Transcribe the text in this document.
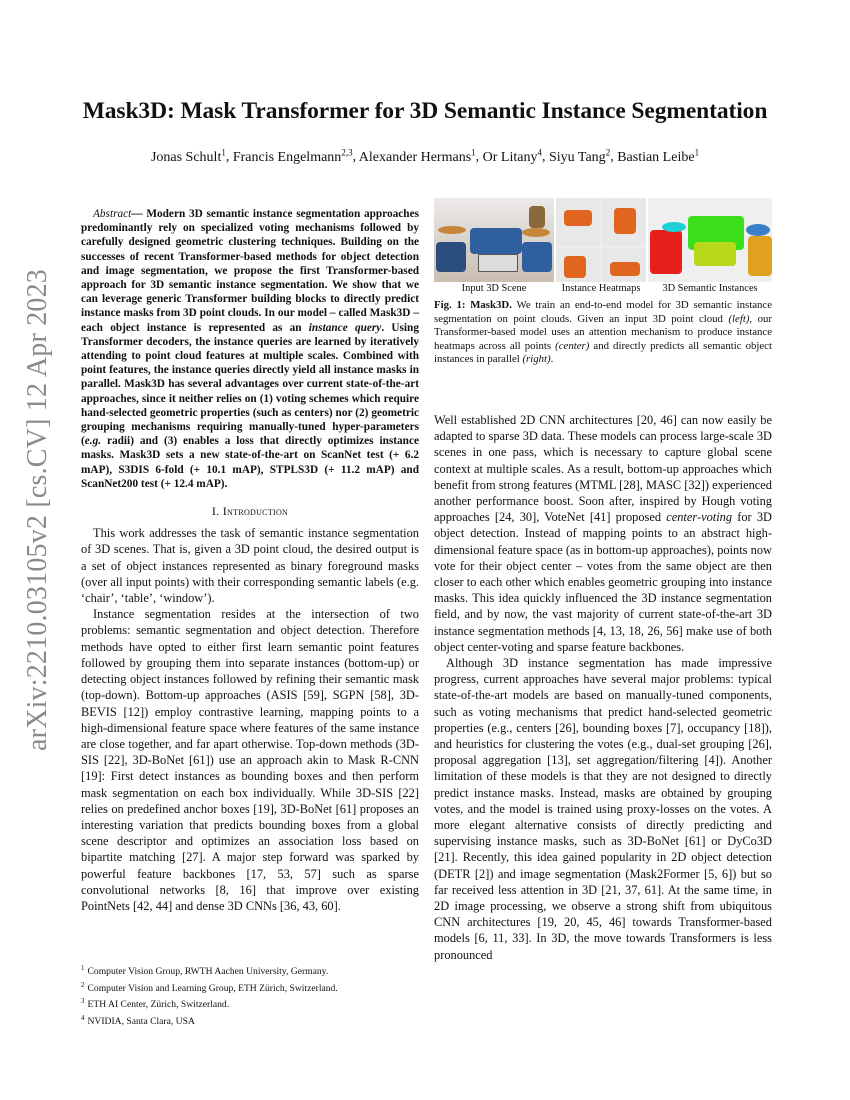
arXiv:2210.03105v2 [cs.CV] 12 Apr 2023
Mask3D: Mask Transformer for 3D Semantic Instance Segmentation
Jonas Schult$^1$, Francis Engelmann$^{2,3}$, Alexander Hermans$^1$, Or Litany$^4$, Siyu Tang$^2$, Bastian Leibe$^1$

Abstract— Modern 3D semantic instance segmentation approaches predominantly rely on specialized voting mechanisms followed by carefully designed geometric clustering techniques. Building on the successes of recent Transformer-based methods for object detection and image segmentation, we propose the first Transformer-based approach for 3D semantic instance segmentation. We show that we can leverage generic Transformer building blocks to directly predict instance masks from 3D point clouds. In our model – called Mask3D – each object instance is represented as an instance query. Using Transformer decoders, the instance queries are learned by iteratively attending to point cloud features at multiple scales. Combined with point features, the instance queries directly yield all instance masks in parallel. Mask3D has several advantages over current state-of-the-art approaches, since it neither relies on (1) voting schemes which require hand-selected geometric properties (such as centers) nor (2) geometric grouping mechanisms requiring manually-tuned hyper-parameters (e.g. radii) and (3) enables a loss that directly optimizes instance masks. Mask3D sets a new state-of-the-art on ScanNet test (+ 6.2 mAP), S3DIS 6-fold (+ 10.1 mAP), STPLS3D (+ 11.2 mAP) and ScanNet200 test (+ 12.4 mAP).

I. Introduction

This work addresses the task of semantic instance segmentation of 3D scenes. That is, given a 3D point cloud, the desired output is a set of object instances represented as binary foreground masks (over all input points) with their corresponding semantic labels (e.g. ‘chair’, ‘table’, ‘window’).

Instance segmentation resides at the intersection of two problems: semantic segmentation and object detection. Therefore methods have opted to either first learn semantic point features followed by grouping them into separate instances (bottom-up) or detecting object instances followed by refining their semantic mask (top-down). Bottom-up approaches (ASIS [59], SGPN [58], 3D-BEVIS [12]) employ contrastive learning, mapping points to a high-dimensional feature space where features of the same instance are close together, and far apart otherwise. Top-down methods (3D-SIS [22], 3D-BoNet [61]) use an approach akin to Mask R-CNN [19]: First detect instances as bounding boxes and then perform mask segmentation on each box individually. While 3D-SIS [22] relies on predefined anchor boxes [19], 3D-BoNet [61] proposes an interesting variation that predicts bounding boxes from a global scene descriptor and optimizes an association loss based on bipartite matching [27]. A major step forward was sparked by powerful feature backbones [17, 53, 57] such as sparse convolutional networks [8, 16] that improve over existing PointNets [42, 44] and dense 3D CNNs [36, 43, 60].

$^1$ Computer Vision Group, RWTH Aachen University, Germany.
$^2$ Computer Vision and Learning Group, ETH Zürich, Switzerland.
$^3$ ETH AI Center, Zürich, Switzerland.
$^4$ NVIDIA, Santa Clara, USA
Input 3D Scene	Instance Heatmaps	3D Semantic Instances
Fig. 1: Mask3D. We train an end-to-end model for 3D semantic instance segmentation on point clouds. Given an input 3D point cloud (left), our Transformer-based model uses an attention mechanism to produce instance heatmaps across all points (center) and directly predicts all semantic object instances in parallel (right).

Well established 2D CNN architectures [20, 46] can now easily be adapted to sparse 3D data. These models can process large-scale 3D scenes in one pass, which is necessary to capture global scene context at multiple scales. As a result, bottom-up approaches which benefit from strong features (MTML [28], MASC [32]) experienced another performance boost. Soon after, inspired by Hough voting approaches [24, 30], VoteNet [41] proposed center-voting for 3D object detection. Instead of mapping points to an abstract high-dimensional feature space (as in bottom-up approaches), points now vote for their object center – votes from the same object are then closer to each other which enables geometric grouping into instance masks. This idea quickly influenced the 3D instance segmentation field, and by now, the vast majority of current state-of-the-art 3D instance segmentation methods [4, 13, 18, 26, 56] make use of both object center-voting and sparse feature backbones.

Although 3D instance segmentation has made impressive progress, current approaches have several major problems: typical state-of-the-art models are based on manually-tuned components, such as voting mechanisms that predict hand-selected geometric properties (e.g., centers [26], bounding boxes [7], occupancy [18]), and heuristics for clustering the votes (e.g., dual-set grouping [26], proposal aggregation [13], set aggregation/filtering [4]). Another limitation of these models is that they are not designed to directly predict instance masks. Instead, masks are obtained by grouping votes, and the model is trained using proxy-losses on the votes. A more elegant alternative consists of directly predicting and supervising instance masks, such as 3D-BoNet [61] or DyCo3D [21]. Recently, this idea gained popularity in 2D object detection (DETR [2]) and image segmentation (Mask2Former [5, 6]) but so far received less attention in 3D [21, 37, 61]. At the same time, in 2D image processing, we observe a strong shift from ubiquitous CNN architectures [19, 20, 45, 46] towards Transformer-based models [6, 11, 33]. In 3D, the move towards Transformers is less pronounced
